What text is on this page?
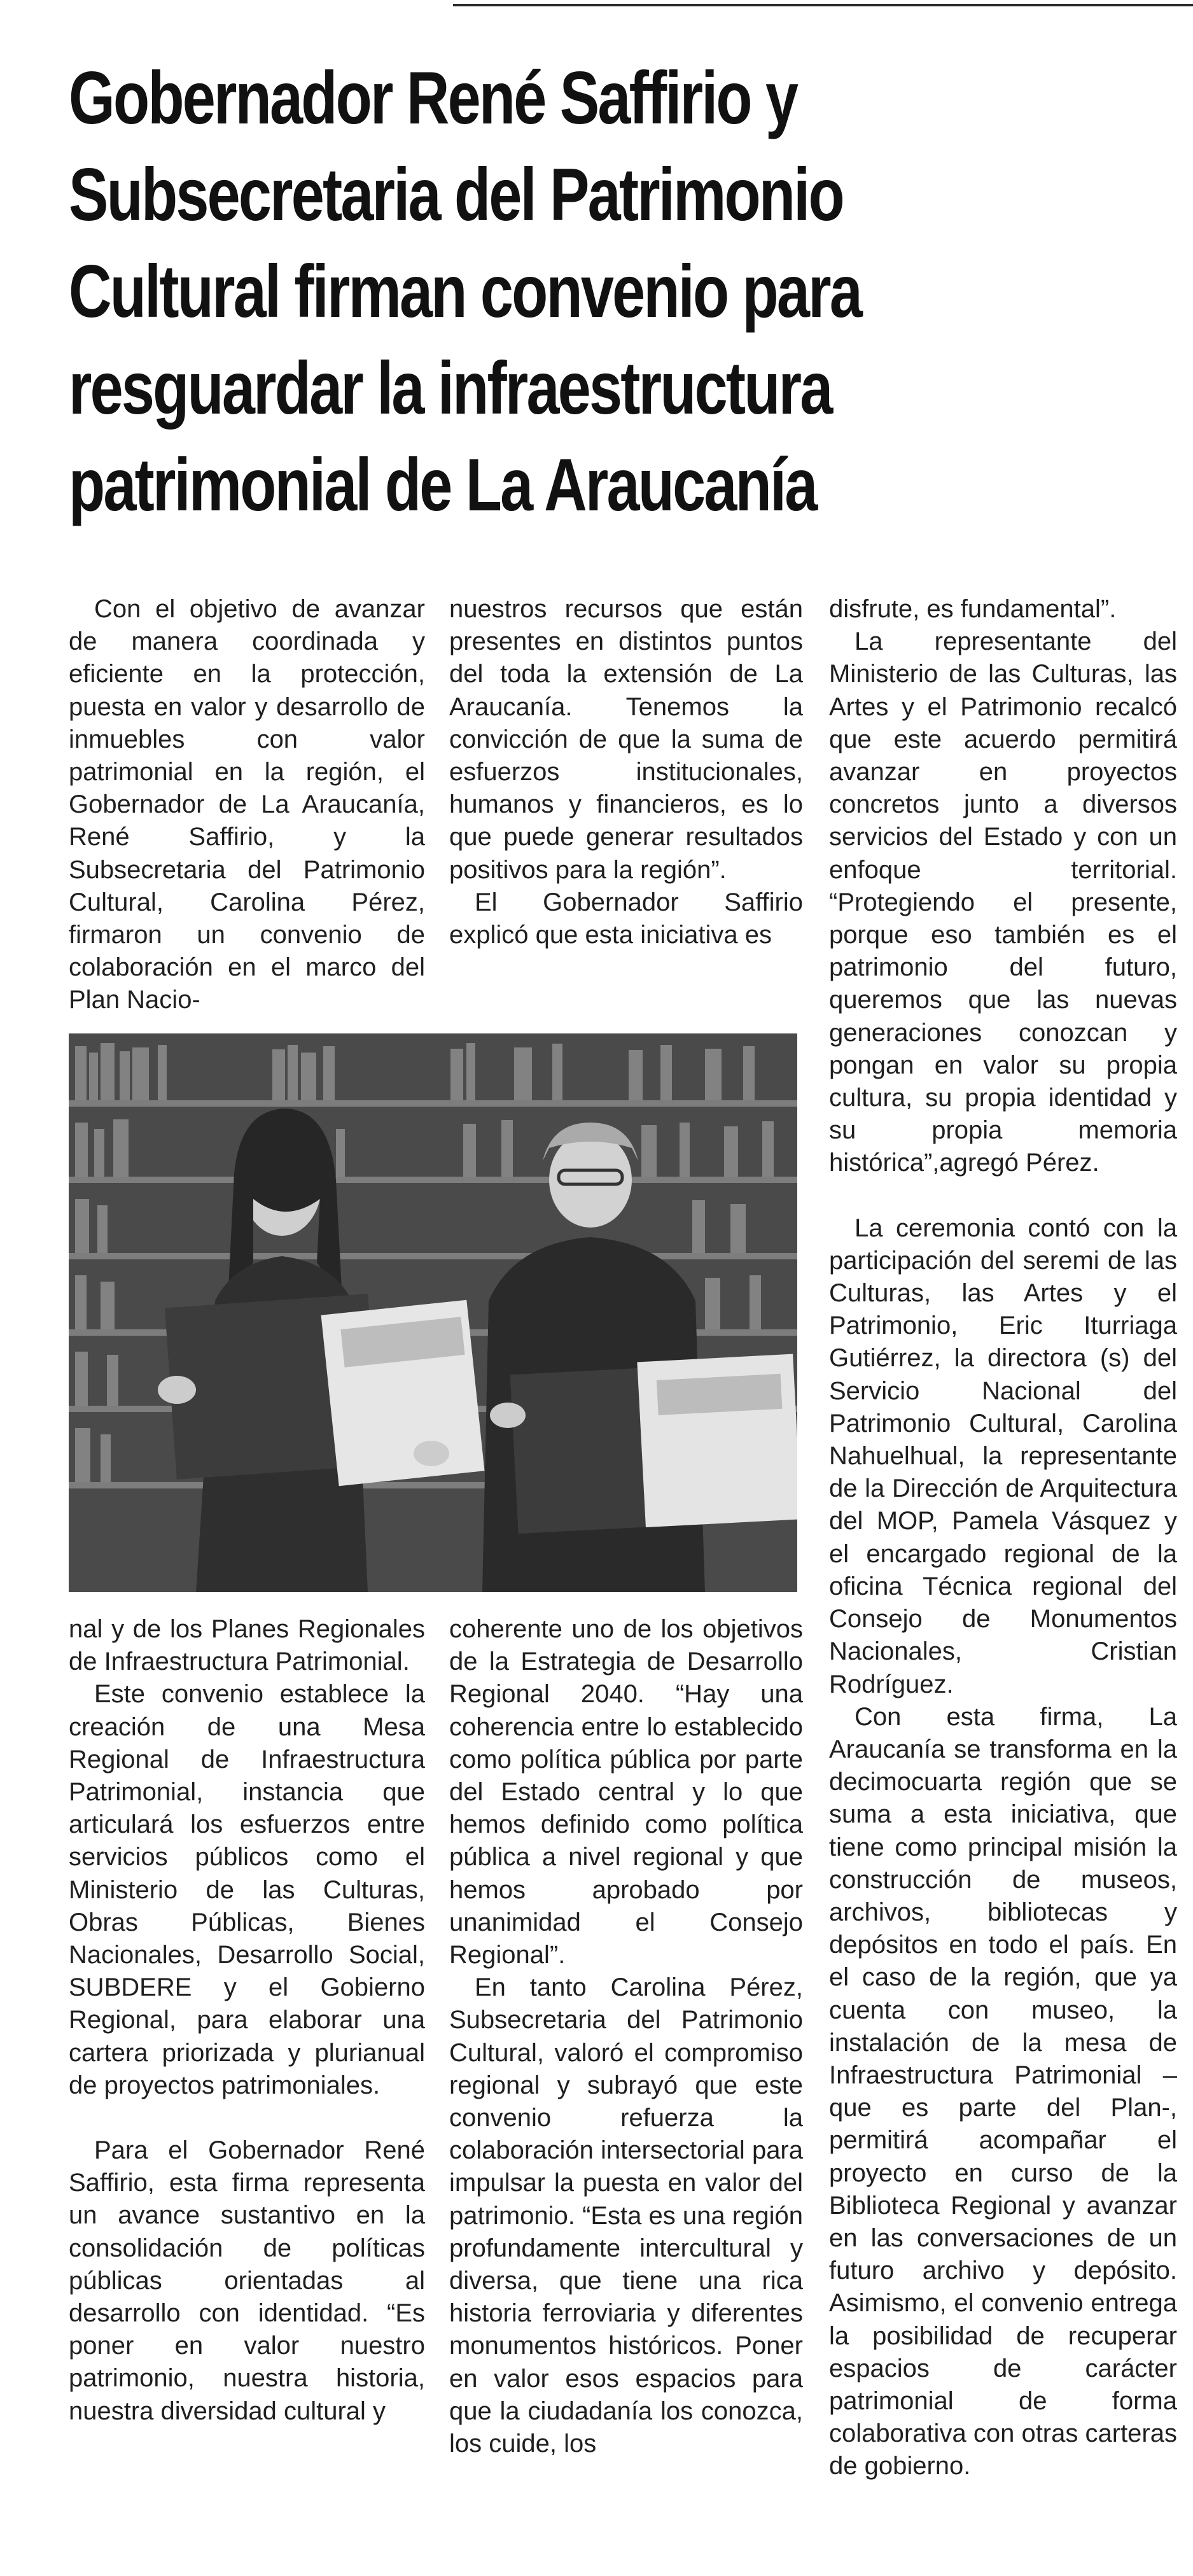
Gobernador René Saffirio y
Subsecretaria del Patrimonio
Cultural firman convenio para
resguardar la infraestructura
patrimonial de La Araucanía

Con el objetivo de avanzar de manera coordinada y eficiente en la protección, puesta en valor y desarrollo de inmuebles con valor patrimonial en la región, el Gobernador de La Araucanía, René Saffirio, y la Subsecretaria del Patrimonio Cultural, Carolina Pérez, firmaron un convenio de colaboración en el marco del Plan Nacio-

nuestros recursos que están presentes en distintos puntos del toda la extensión de La Araucanía. Tenemos la convicción de que la suma de esfuerzos institucionales, humanos y financieros, es lo que puede generar resultados positivos para la región”.

El Gobernador Saffirio explicó que esta iniciativa es

disfrute, es fundamental”.

La representante del Ministerio de las Culturas, las Artes y el Patrimonio recalcó que este acuerdo permitirá avanzar en proyectos concretos junto a diversos servicios del Estado y con un enfoque territorial. “Protegiendo el presente, porque eso también es el patrimonio del futuro, queremos que las nuevas generaciones conozcan y pongan en valor su propia cultura, su propia identidad y su propia memoria histórica”,agregó Pérez.

La ceremonia contó con la participación del seremi de las Culturas, las Artes y el Patrimonio, Eric Iturriaga Gutiérrez, la directora (s) del Servicio Nacional del Patrimonio Cultural, Carolina Nahuelhual, la representante de la Dirección de Arquitectura del MOP, Pamela Vásquez y el encargado regional de la oficina Técnica regional del Consejo de Monumentos Nacionales, Cristian Rodríguez.

Con esta firma, La Araucanía se transforma en la decimocuarta región que se suma a esta iniciativa, que tiene como principal misión la construcción de museos, archivos, bibliotecas y depósitos en todo el país. En el caso de la región, que ya cuenta con museo, la instalación de la mesa de Infraestructura Patrimonial –que es parte del Plan-, permitirá acompañar el proyecto en curso de la Biblioteca Regional y avanzar en las conversaciones de un futuro archivo y depósito. Asimismo, el convenio entrega la posibilidad de recuperar espacios de carácter patrimonial de forma colaborativa con otras carteras de gobierno.

nal y de los Planes Regionales de Infraestructura Patrimonial.

Este convenio establece la creación de una Mesa Regional de Infraestructura Patrimonial, instancia que articulará los esfuerzos entre servicios públicos como el Ministerio de las Culturas, Obras Públicas, Bienes Nacionales, Desarrollo Social, SUBDERE y el Gobierno Regional, para elaborar una cartera priorizada y plurianual de proyectos patrimoniales.

Para el Gobernador René Saffirio, esta firma representa un avance sustantivo en la consolidación de políticas públicas orientadas al desarrollo con identidad. “Es poner en valor nuestro patrimonio, nuestra historia, nuestra diversidad cultural y

coherente uno de los objetivos de la Estrategia de Desarrollo Regional 2040. “Hay una coherencia entre lo establecido como política pública por parte del Estado central y lo que hemos definido como política pública a nivel regional y que hemos aprobado por unanimidad el Consejo Regional”.

En tanto Carolina Pérez, Subsecretaria del Patrimonio Cultural, valoró el compromiso regional y subrayó que este convenio refuerza la colaboración intersectorial para impulsar la puesta en valor del patrimonio. “Esta es una región profundamente intercultural y diversa, que tiene una rica historia ferroviaria y diferentes monumentos históricos. Poner en valor esos espacios para que la ciudadanía los conozca, los cuide, los
